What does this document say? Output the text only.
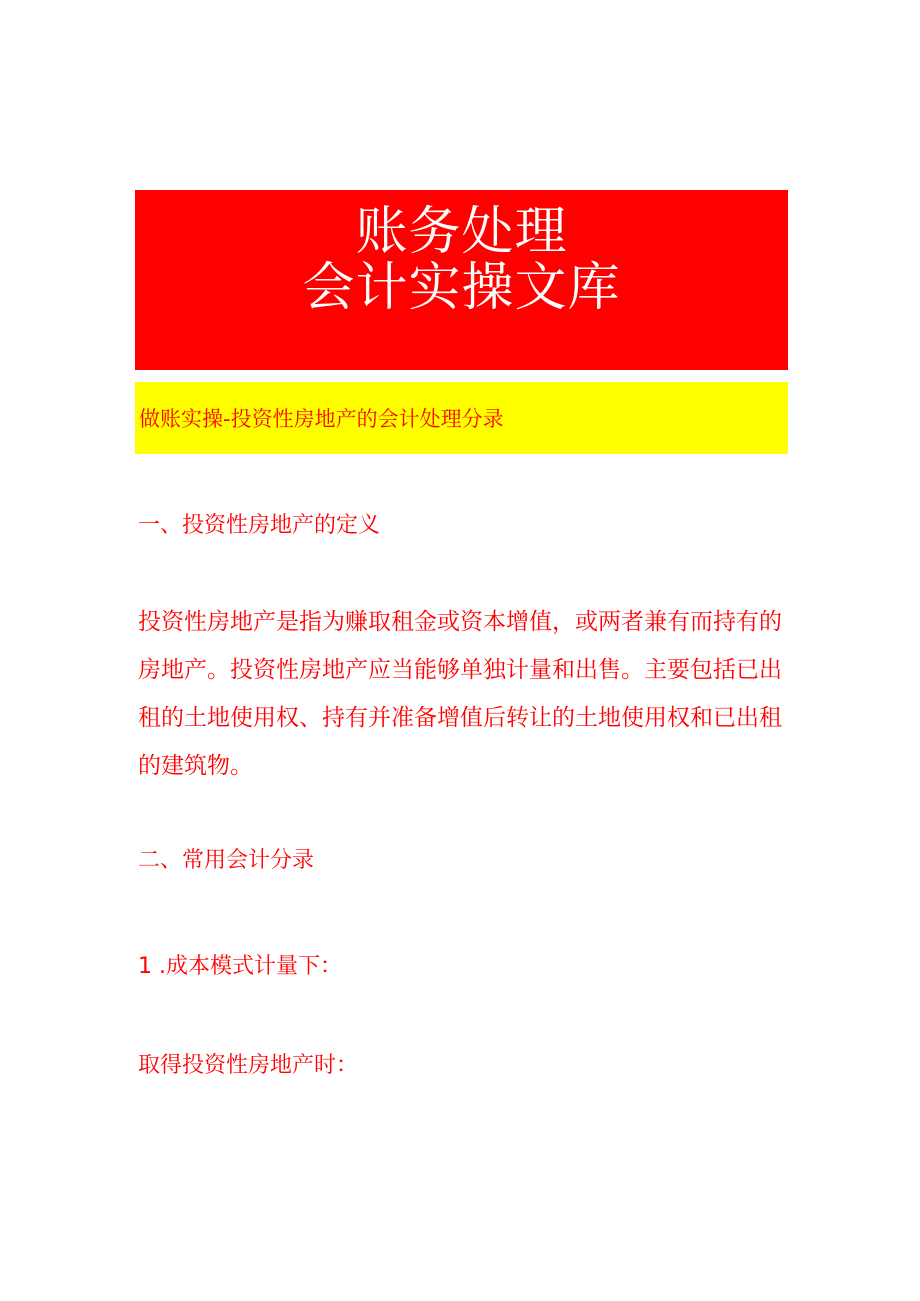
账务处理
会计实操文库
做账实操-投资性房地产的会计处理分录
一、投资性房地产的定义
投资性房地产是指为赚取租金或资本增值，或两者兼有而持有的房地产。投资性房地产应当能够单独计量和出售。主要包括已出租的土地使用权、持有并准备增值后转让的土地使用权和已出租的建筑物。
二、常用会计分录
1 .成本模式计量下：
取得投资性房地产时：
